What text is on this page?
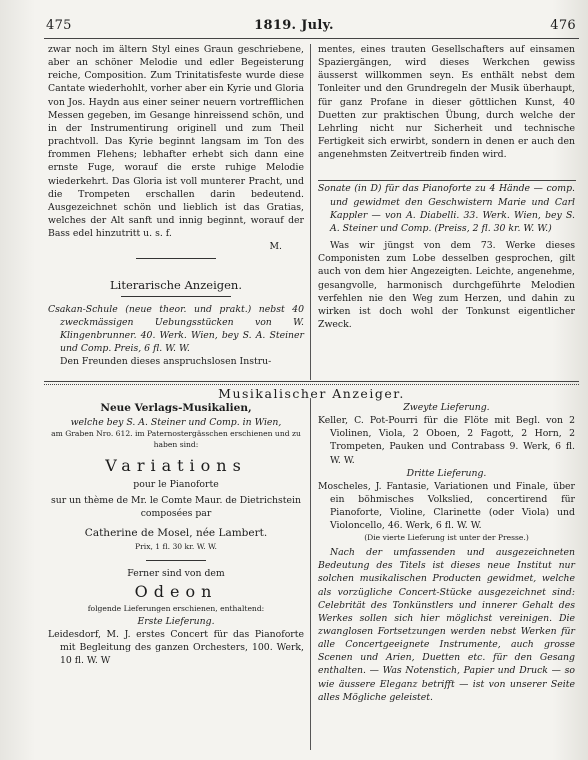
475	1819. July.	476

zwar noch im ältern Styl eines Graun geschriebene, aber an schöner Melodie und edler Begeisterung reiche, Composition. Zum Trinitatisfeste wurde diese Cantate wiederhohlt, vorher aber ein Kyrie und Gloria von Jos. Haydn aus einer seiner neuern vortrefflichen Messen gegeben, im Gesange hinreissend schön, und in der Instrumentirung originell und zum Theil prachtvoll. Das Kyrie beginnt langsam im Ton des frommen Flehens; lebhafter erhebt sich dann eine ernste Fuge, worauf die erste ruhige Melodie wiederkehrt. Das Gloria ist voll munterer Pracht, und die Trompeten erschallen darin bedeutend. Ausgezeichnet schön und lieblich ist das Gratias, welches der Alt sanft und innig beginnt, worauf der Bass edel hinzutritt u. s. f.

M.

Literarische Anzeigen.

Csakan-Schule (neue theor. und prakt.) nebst 40 zweckmässigen Uebungsstücken von W. Klingenbrunner. 40. Werk. Wien, bey S. A. Steiner und Comp. Preis, 6 fl. W. W.

Den Freunden dieses anspruchslosen Instru-

mentes, eines trauten Gesellschafters auf einsamen Spaziergängen, wird dieses Werkchen gewiss äusserst willkommen seyn. Es enthält nebst dem Tonleiter und den Grundregeln der Musik überhaupt, für ganz Profane in dieser göttlichen Kunst, 40 Duetten zur praktischen Übung, durch welche der Lehrling nicht nur Sicherheit und technische Fertigkeit sich erwirbt, sondern in denen er auch den angenehmsten Zeitvertreib finden wird.

Sonate (in D) für das Pianoforte zu 4 Hände — comp. und gewidmet den Geschwistern Marie und Carl Kappler — von A. Diabelli. 33. Werk. Wien, bey S. A. Steiner und Comp. (Preiss, 2 fl. 30 kr. W. W.)

Was wir jüngst von dem 73. Werke dieses Componisten zum Lobe desselben gesprochen, gilt auch von dem hier Angezeigten. Leichte, angenehme, gesangvolle, harmonisch durchgeführte Melodien verfehlen nie den Weg zum Herzen, und dahin zu wirken ist doch wohl der Tonkunst eigentlicher Zweck.

Musikalischer Anzeiger.
Neue Verlags-Musikalien,
welche bey S. A. Steiner und Comp. in Wien,
am Graben Nro. 612. im Paternostergässchen erschienen und zu haben sind:
Variations
pour le Pianoforte
sur un thème de Mr. le Comte Maur. de Dietrichstein composées par
Catherine de Mosel, née Lambert.
Prix, 1 fl. 30 kr. W. W.
Ferner sind von dem
Odeon
folgende Lieferungen erschienen, enthaltend:
Erste Lieferung.

Leidesdorf, M. J. erstes Concert für das Pianoforte mit Begleitung des ganzen Orchesters, 100. Werk, 10 fl. W. W

Zweyte Lieferung.

Keller, C. Pot-Pourri für die Flöte mit Begl. von 2 Violinen, Viola, 2 Oboen, 2 Fagott, 2 Horn, 2 Trompeten, Pauken und Contrabass 9. Werk, 6 fl. W. W.

Dritte Lieferung.

Moscheles, J. Fantasie, Variationen und Finale, über ein böhmisches Volkslied, concertirend für Pianoforte, Violine, Clarinette (oder Viola) und Violoncello, 46. Werk, 6 fl. W. W.

(Die vierte Lieferung ist unter der Presse.)

Nach der umfassenden und ausgezeichneten Bedeutung des Titels ist dieses neue Institut nur solchen musikalischen Producten gewidmet, welche als vorzügliche Concert-Stücke ausgezeichnet sind: Celebrität des Tonkünstlers und innerer Gehalt des Werkes sollen sich hier möglichst vereinigen. Die zwanglosen Fortsetzungen werden nebst Werken für alle Concertgeeignete Instrumente, auch grosse Scenen und Arien, Duetten etc. für den Gesang enthalten. — Was Notenstich, Papier und Druck — so wie äussere Eleganz betrifft — ist von unserer Seite alles Mögliche geleistet.
